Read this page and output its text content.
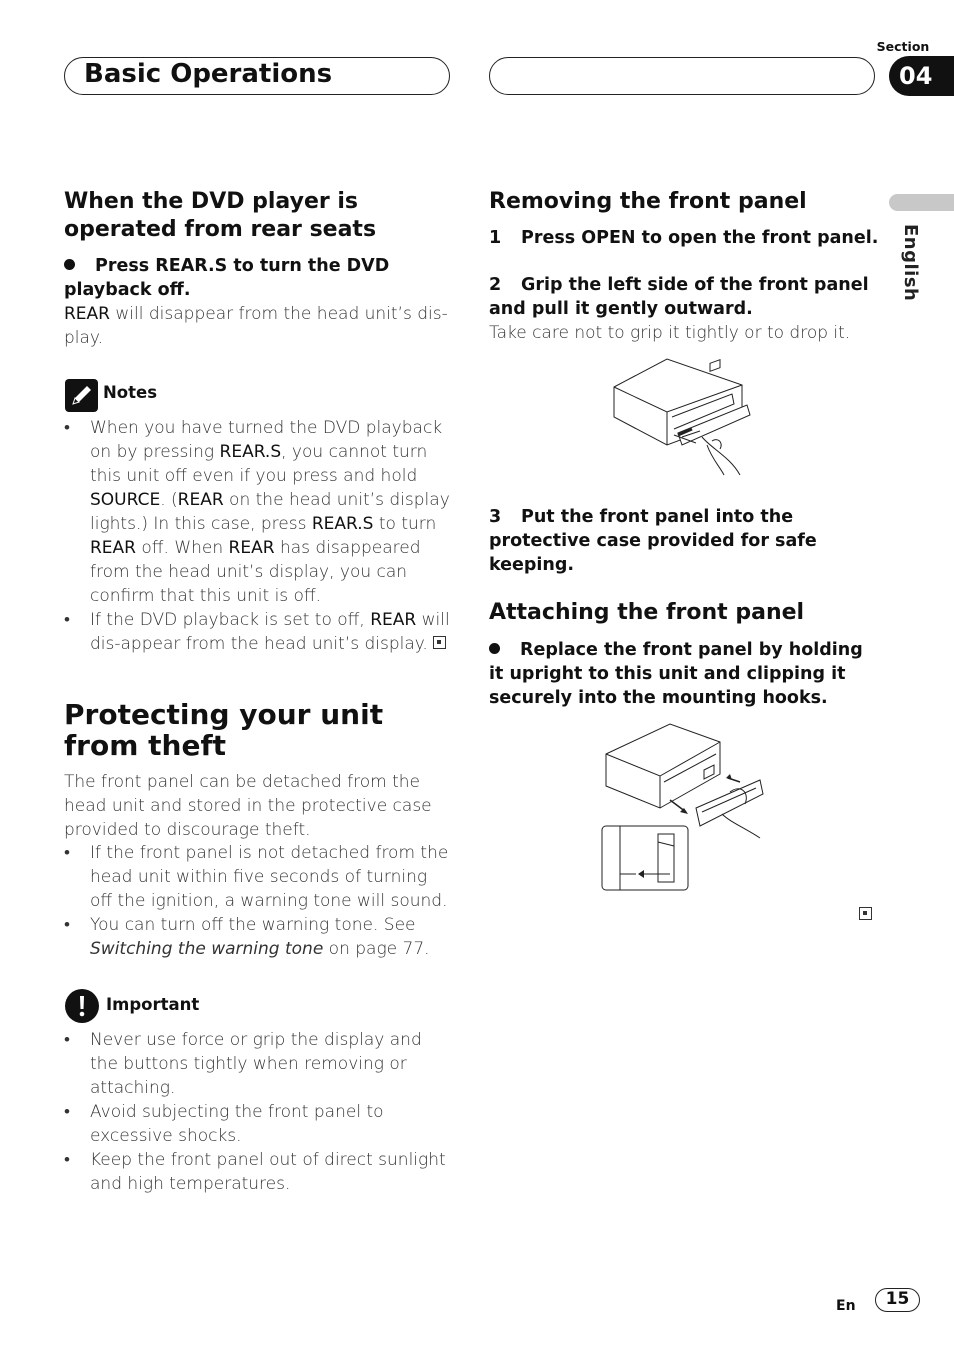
Basic Operations
Section
04
English
When the DVD player is operated from rear seats
Press REAR.S to turn the DVD playback off.
REAR will disappear from the head unit’s dis-
play.
Notes
• When you have turned the DVD playback on by pressing REAR.S, you cannot turn this unit off even if you press and hold SOURCE. (REAR on the head unit’s display lights.) In this case, press REAR.S to turn REAR off. When REAR has disappeared from the head unit’s display, you can confirm that this unit is off.
• If the DVD playback is set to off, REAR will dis-appear from the head unit’s display.
Protecting your unit from theft
The front panel can be detached from the head unit and stored in the protective case provided to discourage theft.
• If the front panel is not detached from the head unit within five seconds of turning off the ignition, a warning tone will sound.
• You can turn off the warning tone. See Switching the warning tone on page 77.
Important
• Never use force or grip the display and the buttons tightly when removing or attaching.
• Avoid subjecting the front panel to excessive shocks.
• Keep the front panel out of direct sunlight and high temperatures.
Removing the front panel
1 Press OPEN to open the front panel.
2 Grip the left side of the front panel and pull it gently outward.
Take care not to grip it tightly or to drop it.
3 Put the front panel into the protective case provided for safe keeping.
Attaching the front panel
Replace the front panel by holding it upright to this unit and clipping it securely into the mounting hooks.
En	15
